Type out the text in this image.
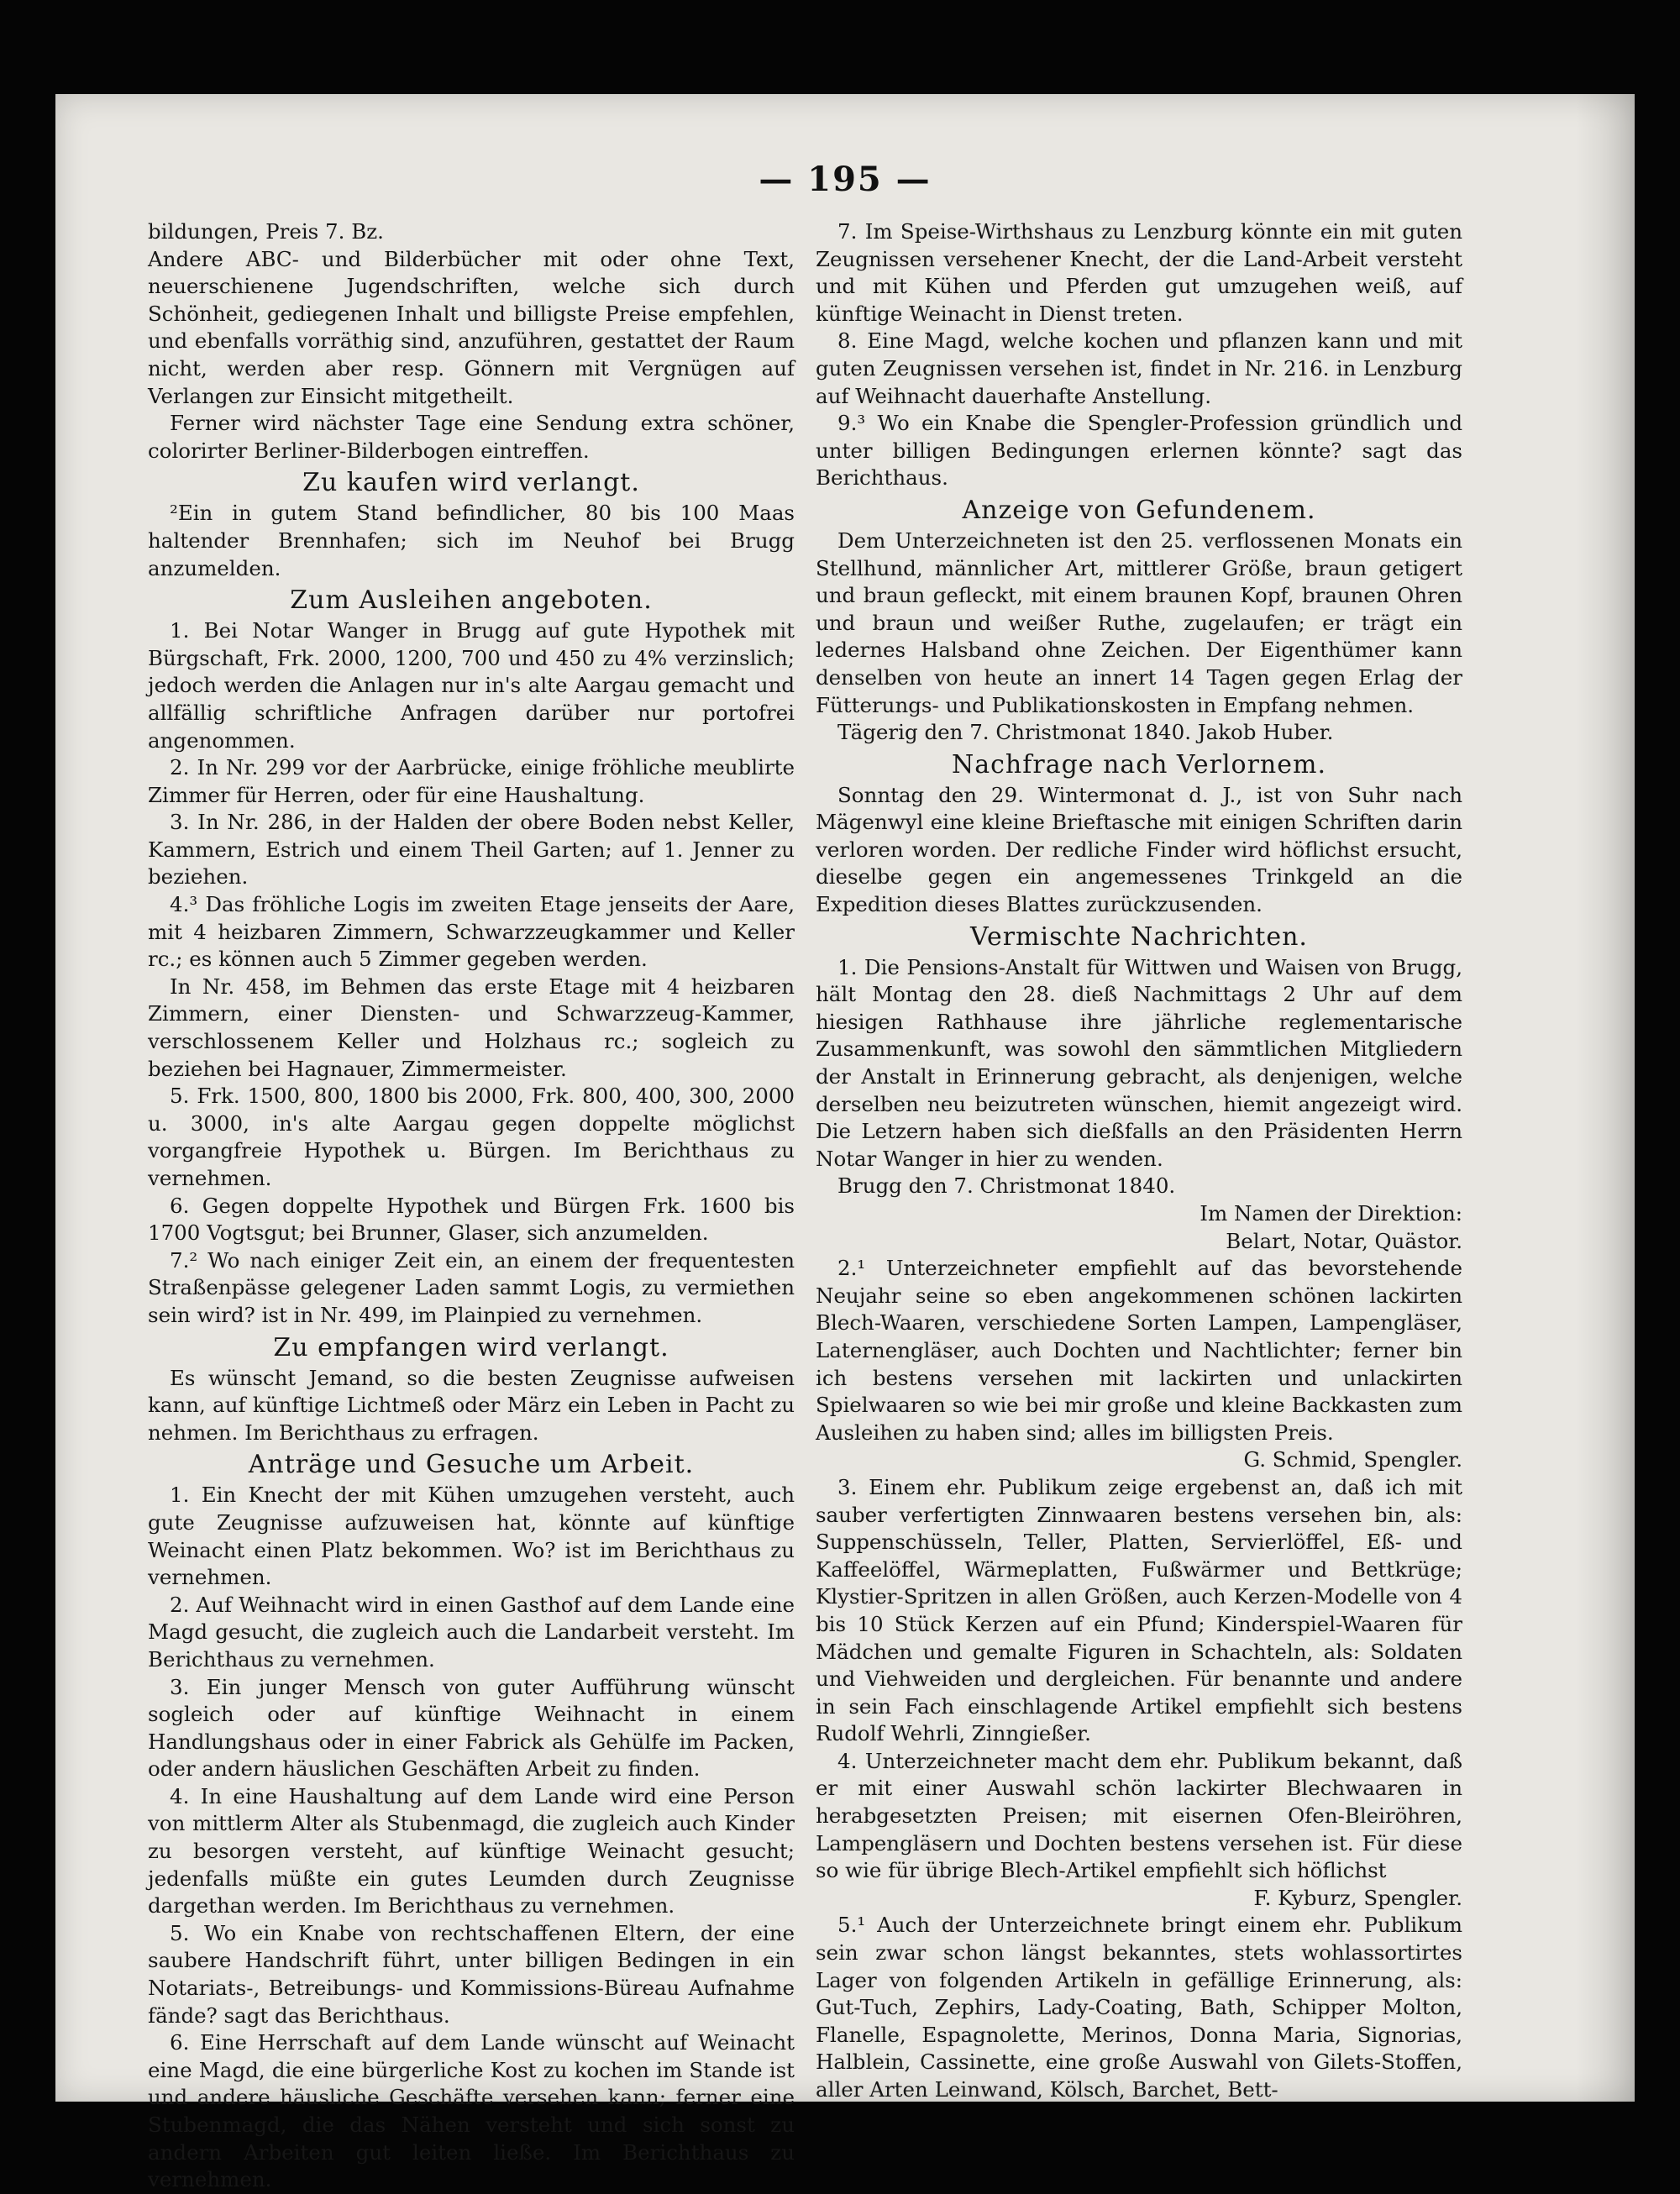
— 195 —

bildungen, Preis 7. Bz.

Andere ABC- und Bilderbücher mit oder ohne Text, neuerschienene Jugendschriften, welche sich durch Schönheit, gediegenen Inhalt und billigste Preise empfehlen, und ebenfalls vorräthig sind, anzuführen, gestattet der Raum nicht, werden aber resp. Gönnern mit Vergnügen auf Verlangen zur Einsicht mitgetheilt.

Ferner wird nächster Tage eine Sendung extra schöner, colorirter Berliner-Bilderbogen eintreffen.

Zu kaufen wird verlangt.

²Ein in gutem Stand befindlicher, 80 bis 100 Maas haltender Brennhafen; sich im Neuhof bei Brugg anzumelden.

Zum Ausleihen angeboten.

1. Bei Notar Wanger in Brugg auf gute Hypothek mit Bürgschaft, Frk. 2000, 1200, 700 und 450 zu 4% verzinslich; jedoch werden die Anlagen nur in's alte Aargau gemacht und allfällig schriftliche Anfragen darüber nur portofrei angenommen.

2. In Nr. 299 vor der Aarbrücke, einige fröhliche meublirte Zimmer für Herren, oder für eine Haushaltung.

3. In Nr. 286, in der Halden der obere Boden nebst Keller, Kammern, Estrich und einem Theil Garten; auf 1. Jenner zu beziehen.

4.³ Das fröhliche Logis im zweiten Etage jenseits der Aare, mit 4 heizbaren Zimmern, Schwarzzeugkammer und Keller rc.; es können auch 5 Zimmer gegeben werden.

In Nr. 458, im Behmen das erste Etage mit 4 heizbaren Zimmern, einer Diensten- und Schwarzzeug-Kammer, verschlossenem Keller und Holzhaus rc.; sogleich zu beziehen bei Hagnauer, Zimmermeister.

5. Frk. 1500, 800, 1800 bis 2000, Frk. 800, 400, 300, 2000 u. 3000, in's alte Aargau gegen doppelte möglichst vorgangfreie Hypothek u. Bürgen. Im Berichthaus zu vernehmen.

6. Gegen doppelte Hypothek und Bürgen Frk. 1600 bis 1700 Vogtsgut; bei Brunner, Glaser, sich anzumelden.

7.² Wo nach einiger Zeit ein, an einem der frequentesten Straßenpässe gelegener Laden sammt Logis, zu vermiethen sein wird? ist in Nr. 499, im Plainpied zu vernehmen.

Zu empfangen wird verlangt.

Es wünscht Jemand, so die besten Zeugnisse aufweisen kann, auf künftige Lichtmeß oder März ein Leben in Pacht zu nehmen. Im Berichthaus zu erfragen.

Anträge und Gesuche um Arbeit.

1. Ein Knecht der mit Kühen umzugehen versteht, auch gute Zeugnisse aufzuweisen hat, könnte auf künftige Weinacht einen Platz bekommen. Wo? ist im Berichthaus zu vernehmen.

2. Auf Weihnacht wird in einen Gasthof auf dem Lande eine Magd gesucht, die zugleich auch die Landarbeit versteht. Im Berichthaus zu vernehmen.

3. Ein junger Mensch von guter Aufführung wünscht sogleich oder auf künftige Weihnacht in einem Handlungshaus oder in einer Fabrick als Gehülfe im Packen, oder andern häuslichen Geschäften Arbeit zu finden.

4. In eine Haushaltung auf dem Lande wird eine Person von mittlerm Alter als Stubenmagd, die zugleich auch Kinder zu besorgen versteht, auf künftige Weinacht gesucht; jedenfalls müßte ein gutes Leumden durch Zeugnisse dargethan werden. Im Berichthaus zu vernehmen.

5. Wo ein Knabe von rechtschaffenen Eltern, der eine saubere Handschrift führt, unter billigen Bedingen in ein Notariats-, Betreibungs- und Kommissions-Büreau Aufnahme fände? sagt das Berichthaus.

6. Eine Herrschaft auf dem Lande wünscht auf Weinacht eine Magd, die eine bürgerliche Kost zu kochen im Stande ist und andere häusliche Geschäfte versehen kann; ferner eine Stubenmagd, die das Nähen versteht und sich sonst zu andern Arbeiten gut leiten ließe. Im Berichthaus zu vernehmen.

7. Im Speise-Wirthshaus zu Lenzburg könnte ein mit guten Zeugnissen versehener Knecht, der die Land-Arbeit versteht und mit Kühen und Pferden gut umzugehen weiß, auf künftige Weinacht in Dienst treten.

8. Eine Magd, welche kochen und pflanzen kann und mit guten Zeugnissen versehen ist, findet in Nr. 216. in Lenzburg auf Weihnacht dauerhafte Anstellung.

9.³ Wo ein Knabe die Spengler-Profession gründlich und unter billigen Bedingungen erlernen könnte? sagt das Berichthaus.

Anzeige von Gefundenem.

Dem Unterzeichneten ist den 25. verflossenen Monats ein Stellhund, männlicher Art, mittlerer Größe, braun getigert und braun gefleckt, mit einem braunen Kopf, braunen Ohren und braun und weißer Ruthe, zugelaufen; er trägt ein ledernes Halsband ohne Zeichen. Der Eigenthümer kann denselben von heute an innert 14 Tagen gegen Erlag der Fütterungs- und Publikationskosten in Empfang nehmen.

Tägerig den 7. Christmonat 1840. Jakob Huber.

Nachfrage nach Verlornem.

Sonntag den 29. Wintermonat d. J., ist von Suhr nach Mägenwyl eine kleine Brieftasche mit einigen Schriften darin verloren worden. Der redliche Finder wird höflichst ersucht, dieselbe gegen ein angemessenes Trinkgeld an die Expedition dieses Blattes zurückzusenden.

Vermischte Nachrichten.

1. Die Pensions-Anstalt für Wittwen und Waisen von Brugg, hält Montag den 28. dieß Nachmittags 2 Uhr auf dem hiesigen Rathhause ihre jährliche reglementarische Zusammenkunft, was sowohl den sämmtlichen Mitgliedern der Anstalt in Erinnerung gebracht, als denjenigen, welche derselben neu beizutreten wünschen, hiemit angezeigt wird. Die Letzern haben sich dießfalls an den Präsidenten Herrn Notar Wanger in hier zu wenden.

Brugg den 7. Christmonat 1840.

Im Namen der Direktion:

Belart, Notar, Quästor.

2.¹ Unterzeichneter empfiehlt auf das bevorstehende Neujahr seine so eben angekommenen schönen lackirten Blech-Waaren, verschiedene Sorten Lampen, Lampengläser, Laternengläser, auch Dochten und Nachtlichter; ferner bin ich bestens versehen mit lackirten und unlackirten Spielwaaren so wie bei mir große und kleine Backkasten zum Ausleihen zu haben sind; alles im billigsten Preis.

G. Schmid, Spengler.

3. Einem ehr. Publikum zeige ergebenst an, daß ich mit sauber verfertigten Zinnwaaren bestens versehen bin, als: Suppenschüsseln, Teller, Platten, Servierlöffel, Eß- und Kaffeelöffel, Wärmeplatten, Fußwärmer und Bettkrüge; Klystier-Spritzen in allen Größen, auch Kerzen-Modelle von 4 bis 10 Stück Kerzen auf ein Pfund; Kinderspiel-Waaren für Mädchen und gemalte Figuren in Schachteln, als: Soldaten und Viehweiden und dergleichen. Für benannte und andere in sein Fach einschlagende Artikel empfiehlt sich bestens Rudolf Wehrli, Zinngießer.

4. Unterzeichneter macht dem ehr. Publikum bekannt, daß er mit einer Auswahl schön lackirter Blechwaaren in herabgesetzten Preisen; mit eisernen Ofen-Bleiröhren, Lampengläsern und Dochten bestens versehen ist. Für diese so wie für übrige Blech-Artikel empfiehlt sich höflichst

F. Kyburz, Spengler.

5.¹ Auch der Unterzeichnete bringt einem ehr. Publikum sein zwar schon längst bekanntes, stets wohlassortirtes Lager von folgenden Artikeln in gefällige Erinnerung, als: Gut-Tuch, Zephirs, Lady-Coating, Bath, Schipper Molton, Flanelle, Espagnolette, Merinos, Donna Maria, Signorias, Halblein, Cassinette, eine große Auswahl von Gilets-Stoffen, aller Arten Leinwand, Kölsch, Barchet, Bett-
